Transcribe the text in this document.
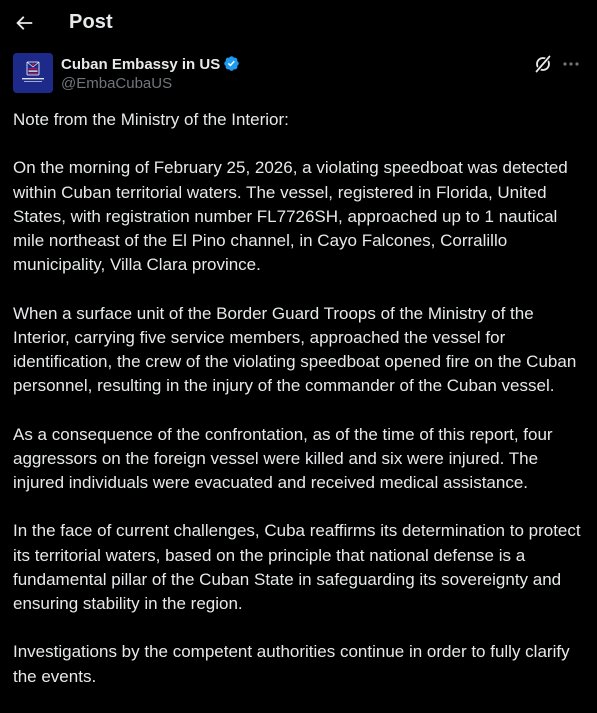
Post
Cuban Embassy in US
@EmbaCubaUS

Note from the Ministry of the Interior:

On the morning of February 25, 2026, a violating speedboat was detected within Cuban territorial waters. The vessel, registered in Florida, United States, with registration number FL7726SH, approached up to 1 nautical mile northeast of the El Pino channel, in Cayo Falcones, Corralillo municipality, Villa Clara province.

When a surface unit of the Border Guard Troops of the Ministry of the Interior, carrying five service members, approached the vessel for identification, the crew of the violating speedboat opened fire on the Cuban personnel, resulting in the injury of the commander of the Cuban vessel.

As a consequence of the confrontation, as of the time of this report, four aggressors on the foreign vessel were killed and six were injured. The injured individuals were evacuated and received medical assistance.

In the face of current challenges, Cuba reaffirms its determination to protect its territorial waters, based on the principle that national defense is a fundamental pillar of the Cuban State in safeguarding its sovereignty and ensuring stability in the region.

Investigations by the competent authorities continue in order to fully clarify the events.
